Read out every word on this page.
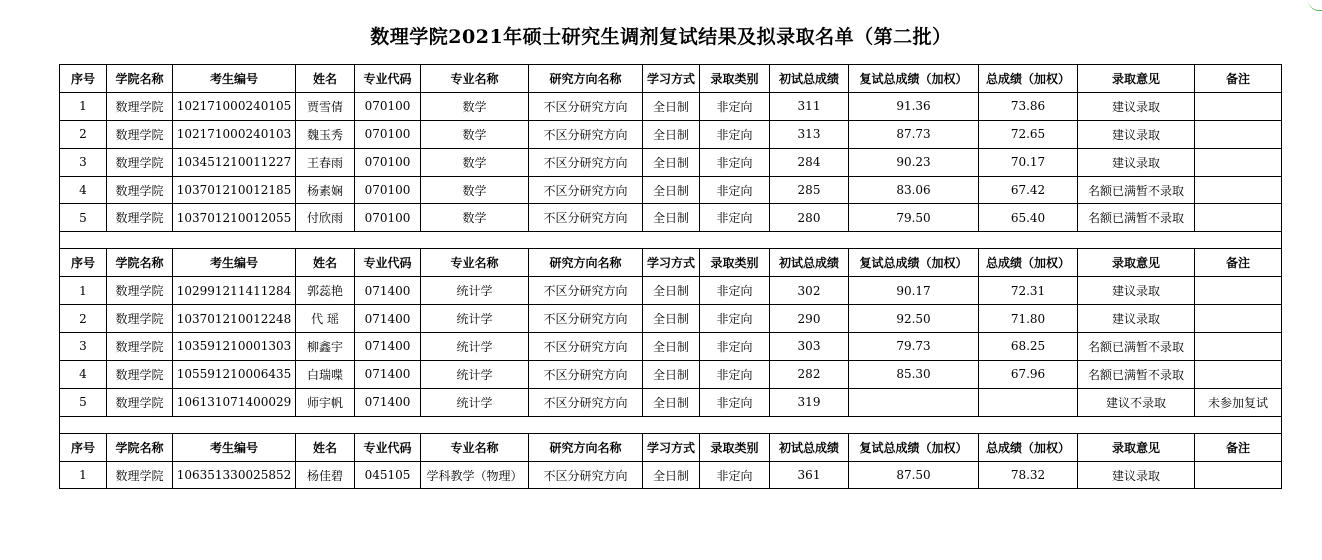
数理学院2021年硕士研究生调剂复试结果及拟录取名单（第二批）
序号	学院名称	考生编号	姓名	专业代码	专业名称	研究方向名称	学习方式	录取类别	初试总成绩	复试总成绩（加权）	总成绩（加权）	录取意见	备注
1	数理学院	102171000240105	贾雪倩	070100	数学	不区分研究方向	全日制	非定向	311	91.36	73.86	建议录取	
2	数理学院	102171000240103	魏玉秀	070100	数学	不区分研究方向	全日制	非定向	313	87.73	72.65	建议录取	
3	数理学院	103451210011227	王春雨	070100	数学	不区分研究方向	全日制	非定向	284	90.23	70.17	建议录取	
4	数理学院	103701210012185	杨素娴	070100	数学	不区分研究方向	全日制	非定向	285	83.06	67.42	名额已满暂不录取	
5	数理学院	103701210012055	付欣雨	070100	数学	不区分研究方向	全日制	非定向	280	79.50	65.40	名额已满暂不录取	

序号	学院名称	考生编号	姓名	专业代码	专业名称	研究方向名称	学习方式	录取类别	初试总成绩	复试总成绩（加权）	总成绩（加权）	录取意见	备注
1	数理学院	102991211411284	郭蕊艳	071400	统计学	不区分研究方向	全日制	非定向	302	90.17	72.31	建议录取	
2	数理学院	103701210012248	代 瑶	071400	统计学	不区分研究方向	全日制	非定向	290	92.50	71.80	建议录取	
3	数理学院	103591210001303	柳鑫宇	071400	统计学	不区分研究方向	全日制	非定向	303	79.73	68.25	名额已满暂不录取	
4	数理学院	105591210006435	白瑞喋	071400	统计学	不区分研究方向	全日制	非定向	282	85.30	67.96	名额已满暂不录取	
5	数理学院	106131071400029	师宇帆	071400	统计学	不区分研究方向	全日制	非定向	319			建议不录取	未参加复试

序号	学院名称	考生编号	姓名	专业代码	专业名称	研究方向名称	学习方式	录取类别	初试总成绩	复试总成绩（加权）	总成绩（加权）	录取意见	备注
1	数理学院	106351330025852	杨佳碧	045105	学科教学（物理）	不区分研究方向	全日制	非定向	361	87.50	78.32	建议录取	
